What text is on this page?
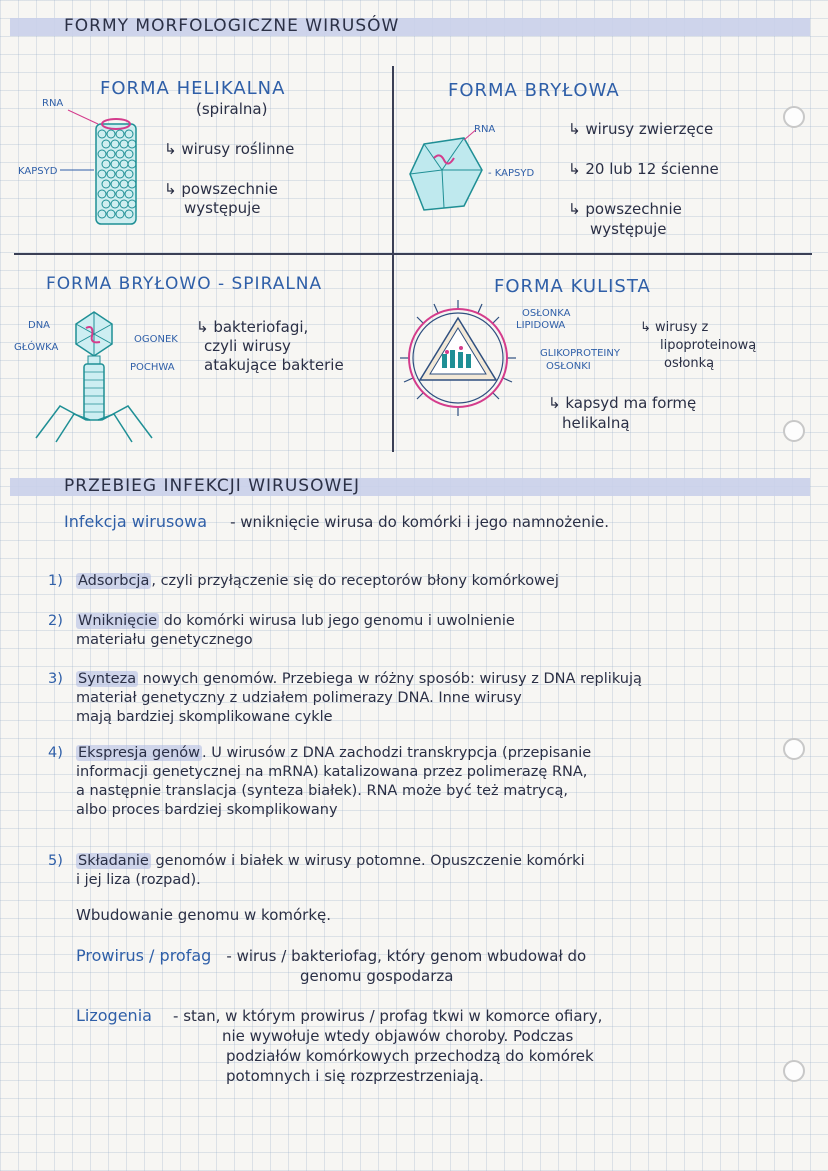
FORMY MORFOLOGICZNE WIRUSÓW
FORMA HELIKALNA
(spiralna)
RNA
KAPSYD
↳ wirusy roślinne
↳ powszechnie
występuje
FORMA BRYŁOWA
RNA
- KAPSYD
↳ wirusy zwierzęce
↳ 20 lub 12 ścienne
↳ powszechnie
występuje
FORMA BRYŁOWO - SPIRALNA
DNA
GŁÓWKA
OGONEK
POCHWA
↳ bakteriofagi,
czyli wirusy
atakujące bakterie
FORMA KULISTA
OSŁONKA
LIPIDOWA
GLIKOPROTEINY
OSŁONKI
↳ wirusy z
lipoproteinową
osłonką
↳ kapsyd ma formę
helikalną
PRZEBIEG INFEKCJI WIRUSOWEJ
Infekcja wirusowa - wniknięcie wirusa do komórki i jego namnożenie.
1) Adsorbcja , czyli przyłączenie się do receptorów błony komórkowej
2) Wniknięcie do komórki wirusa lub jego genomu i uwolnienie
materiału genetycznego
3) Synteza nowych genomów. Przebiega w różny sposób: wirusy z DNA replikują
materiał genetyczny z udziałem polimerazy DNA. Inne wirusy
mają bardziej skomplikowane cykle
4) Ekspresja genów . U wirusów z DNA zachodzi transkrypcja (przepisanie
informacji genetycznej na mRNA) katalizowana przez polimerazę RNA,
a następnie translacja (synteza białek). RNA może być też matrycą,
albo proces bardziej skomplikowany
5) Składanie genomów i białek w wirusy potomne. Opuszczenie komórki
i jej liza (rozpad).
Wbudowanie genomu w komórkę.
Prowirus / profag - wirus / bakteriofag, który genom wbudował do
genomu gospodarza
Lizogenia - stan, w którym prowirus / profag tkwi w komorce ofiary,
nie wywołuje wtedy objawów choroby. Podczas
podziałów komórkowych przechodzą do komórek
potomnych i się rozprzestrzeniają.
